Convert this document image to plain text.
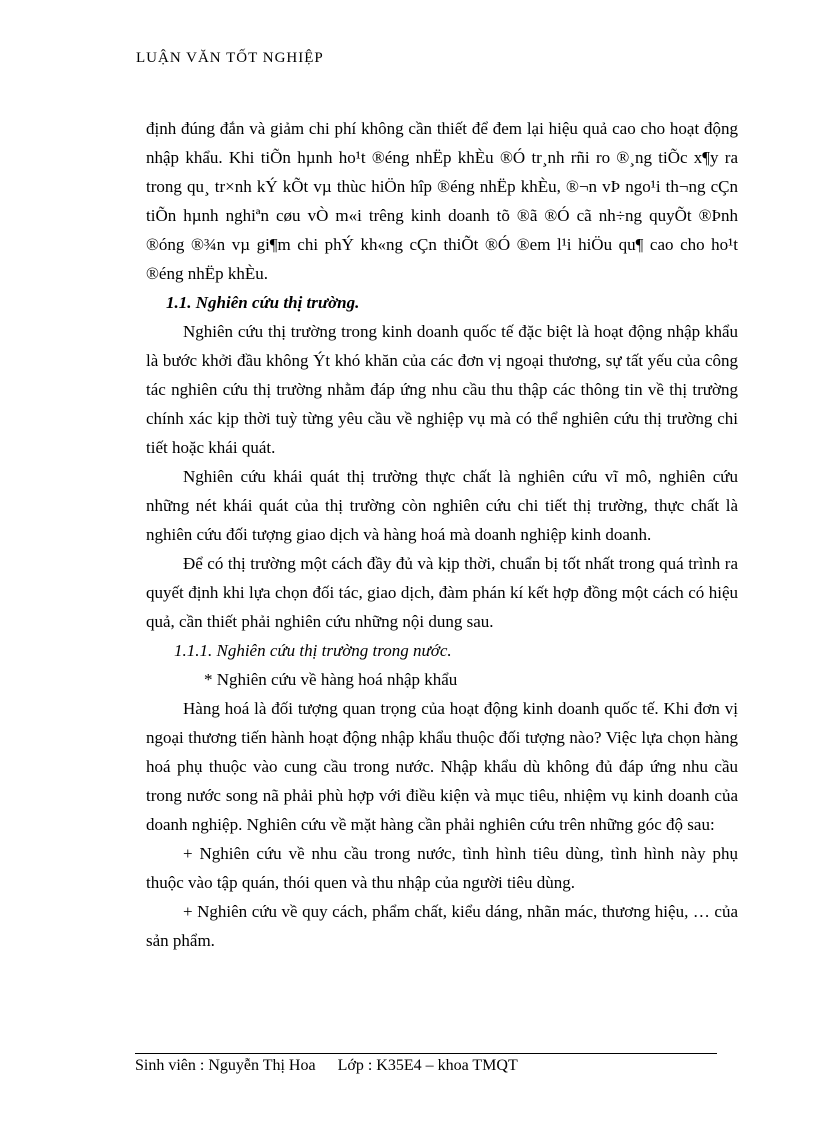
LUẬN VĂN TỐT NGHIỆP

định đúng đắn và giảm chi phí không cần thiết để đem lại hiệu quả cao cho hoạt động nhập khẩu. Khi tiÕn hµnh ho¹t ®éng nhËp khÈu ®Ó tr¸nh rñi ro ®¸ng tiÕc x¶y ra trong qu¸ tr×nh kÝ kÕt vµ thùc hiÖn hîp ®éng nhËp khÈu, ®¬n vÞ ngo¹i th¬ng cÇn tiÕn hµnh nghiªn cøu vÒ m«i trêng kinh doanh tõ ®ã ®Ó cã nh÷ng quyÕt ®Þnh ®óng ®¾n vµ gi¶m chi phÝ kh«ng cÇn thiÕt ®Ó ®em l¹i hiÖu qu¶ cao cho ho¹t ®éng nhËp khÈu.

1.1. Nghiên cứu thị trường.

Nghiên cứu thị trường trong kinh doanh quốc tế đặc biệt là hoạt động nhập khẩu là bước khởi đầu không Ýt khó khăn của các đơn vị ngoại thương, sự tất yếu của công tác nghiên cứu thị trường nhằm đáp ứng nhu cầu thu thập các thông tin về thị trường chính xác kịp thời tuỳ từng yêu cầu về nghiệp vụ mà có thể nghiên cứu thị trường chi tiết hoặc khái quát.

Nghiên cứu khái quát thị trường thực chất là nghiên cứu vĩ mô, nghiên cứu những nét khái quát của thị trường còn nghiên cứu chi tiết thị trường, thực chất là nghiên cứu đối tượng giao dịch và hàng hoá mà doanh nghiệp kinh doanh.

Để có thị trường một cách đầy đủ và kịp thời, chuẩn bị tốt nhất trong quá trình ra quyết định khi lựa chọn đối tác, giao dịch, đàm phán kí kết hợp đồng một cách có hiệu quả, cần thiết phải nghiên cứu những nội dung sau.

1.1.1. Nghiên cứu thị trường trong nước.

* Nghiên cứu về hàng hoá nhập khẩu

Hàng hoá là đối tượng quan trọng của hoạt động kinh doanh quốc tế. Khi đơn vị ngoại thương tiến hành hoạt động nhập khẩu thuộc đối tượng nào? Việc lựa chọn hàng hoá phụ thuộc vào cung cầu trong nước. Nhập khẩu dù không đủ đáp ứng nhu cầu trong nước song nã phải phù hợp với điều kiện và mục tiêu, nhiệm vụ kinh doanh của doanh nghiệp. Nghiên cứu về mặt hàng cần phải nghiên cứu trên những góc độ sau:

+ Nghiên cứu về nhu cầu trong nước, tình hình tiêu dùng, tình hình này phụ thuộc vào tập quán, thói quen và thu nhập của người tiêu dùng.

+ Nghiên cứu về quy cách, phẩm chất, kiểu dáng, nhãn mác, thương hiệu, … của sản phẩm.

Sinh viên : Nguyễn Thị Hoa Lớp : K35E4 – khoa TMQT
